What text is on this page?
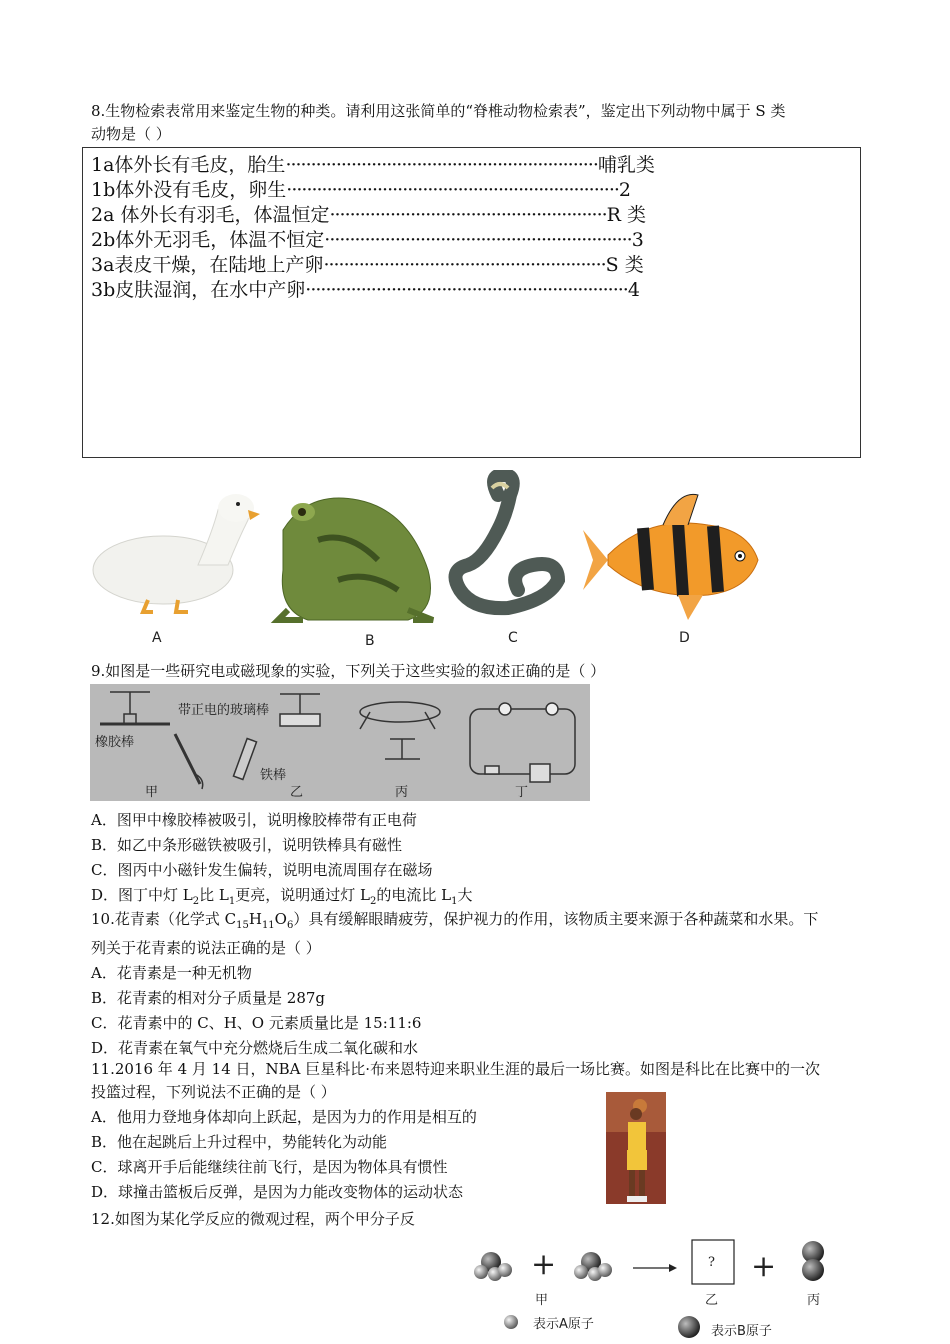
8.生物检索表常用来鉴定生物的种类。请利用这张简单的“脊椎动物检索表”，鉴定出下列动物中属于 S 类

动物是（ ）

1a体外长有毛皮，胎生······························································哺乳类
1b体外没有毛皮，卵生··································································2
2a 体外长有羽毛，体温恒定·······················································R 类
2b体外无羽毛，体温不恒定·····························································3
3a表皮干燥，在陆地上产卵························································S 类
3b皮肤湿润，在水中产卵································································4
A	B	C	D
9.如图是一些研究电或磁现象的实验，下列关于这些实验的叙述正确的是（ ）
橡胶棒
带正电的玻璃棒
甲
铁棒
乙	丙	丁

A．图甲中橡胶棒被吸引，说明橡胶棒带有正电荷

B．如乙中条形磁铁被吸引，说明铁棒具有磁性

C．图丙中小磁针发生偏转，说明电流周围存在磁场

D．图丁中灯 $L_2$比 $L_1$更亮，说明通过灯 $L_2$的电流比 $L_1$大

10.花青素（化学式 $C_{15}H_{11}O_6$）具有缓解眼睛疲劳，保护视力的作用，该物质主要来源于各种蔬菜和水果。下

列关于花青素的说法正确的是（ ）

A．花青素是一种无机物

B．花青素的相对分子质量是 287g

C．花青素中的 C、H、O 元素质量比是 15:11:6

D．花青素在氧气中充分燃烧后生成二氧化碳和水

11.2016 年 4 月 14 日，NBA 巨星科比·布来恩特迎来职业生涯的最后一场比赛。如图是科比在比赛中的一次

投篮过程，下列说法不正确的是（ ）

A．他用力登地身体却向上跃起，是因为力的作用是相互的

B．他在起跳后上升过程中，势能转化为动能

C．球离开手后能继续往前飞行，是因为物体具有惯性

D．球撞击篮板后反弹，是因为力能改变物体的运动状态

12.如图为某化学反应的微观过程，两个甲分子反
+
甲
?
乙
+
丙
表示A原子	表示B原子
